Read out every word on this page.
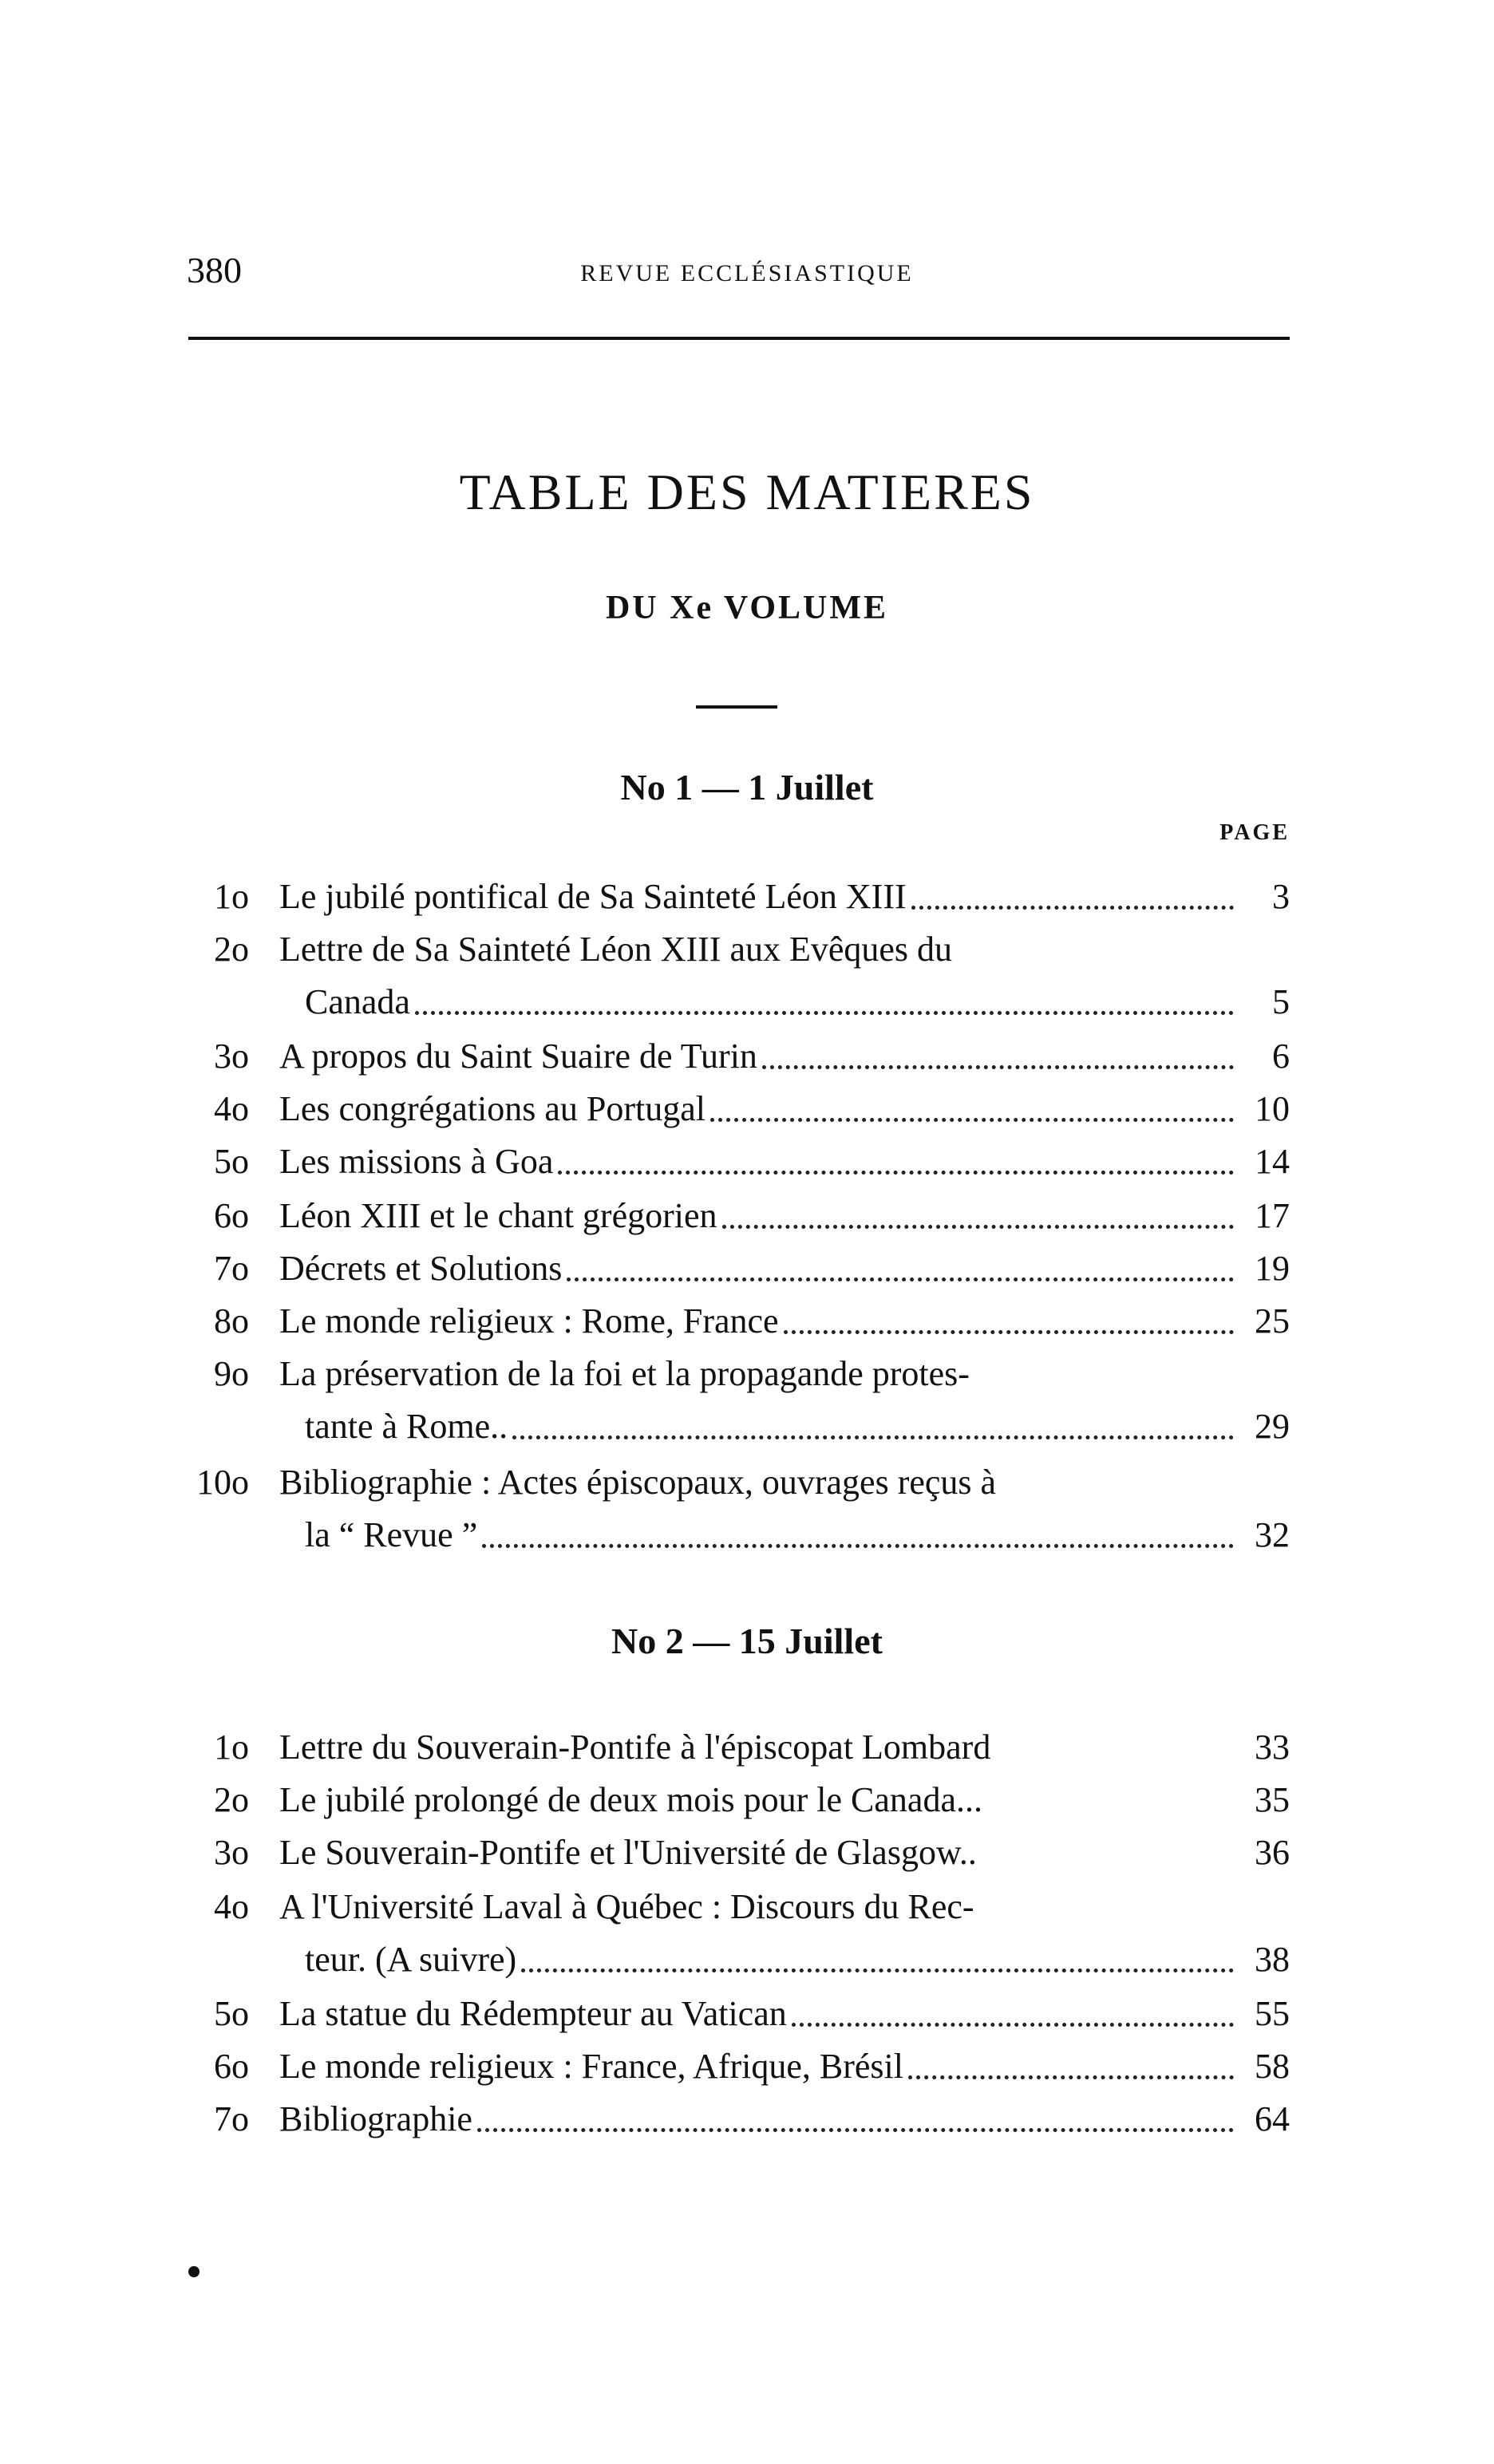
380	REVUE ECCLÉSIASTIQUE
TABLE DES MATIERES
DU Xe VOLUME
No 1 — 1 Juillet
PAGE
1o Le jubilé pontifical de Sa Sainteté Léon XIII	3
2o Lettre de Sa Sainteté Léon XIII aux Evêques du
Canada	5
3o A propos du Saint Suaire de Turin	6
4o Les congrégations au Portugal	10
5o Les missions à Goa	14
6o Léon XIII et le chant grégorien	17
7o Décrets et Solutions	19
8o Le monde religieux : Rome, France	25
9o La préservation de la foi et la propagande protes-
tante à Rome..	29
10o Bibliographie : Actes épiscopaux, ouvrages reçus à
la “ Revue ”	32
No 2 — 15 Juillet
1o Lettre du Souverain-Pontife à l'épiscopat Lombard	33
2o Le jubilé prolongé de deux mois pour le Canada...	35
3o Le Souverain-Pontife et l'Université de Glasgow..	36
4o A l'Université Laval à Québec : Discours du Rec-
teur. (A suivre)	38
5o La statue du Rédempteur au Vatican	55
6o Le monde religieux : France, Afrique, Brésil	58
7o Bibliographie	64
